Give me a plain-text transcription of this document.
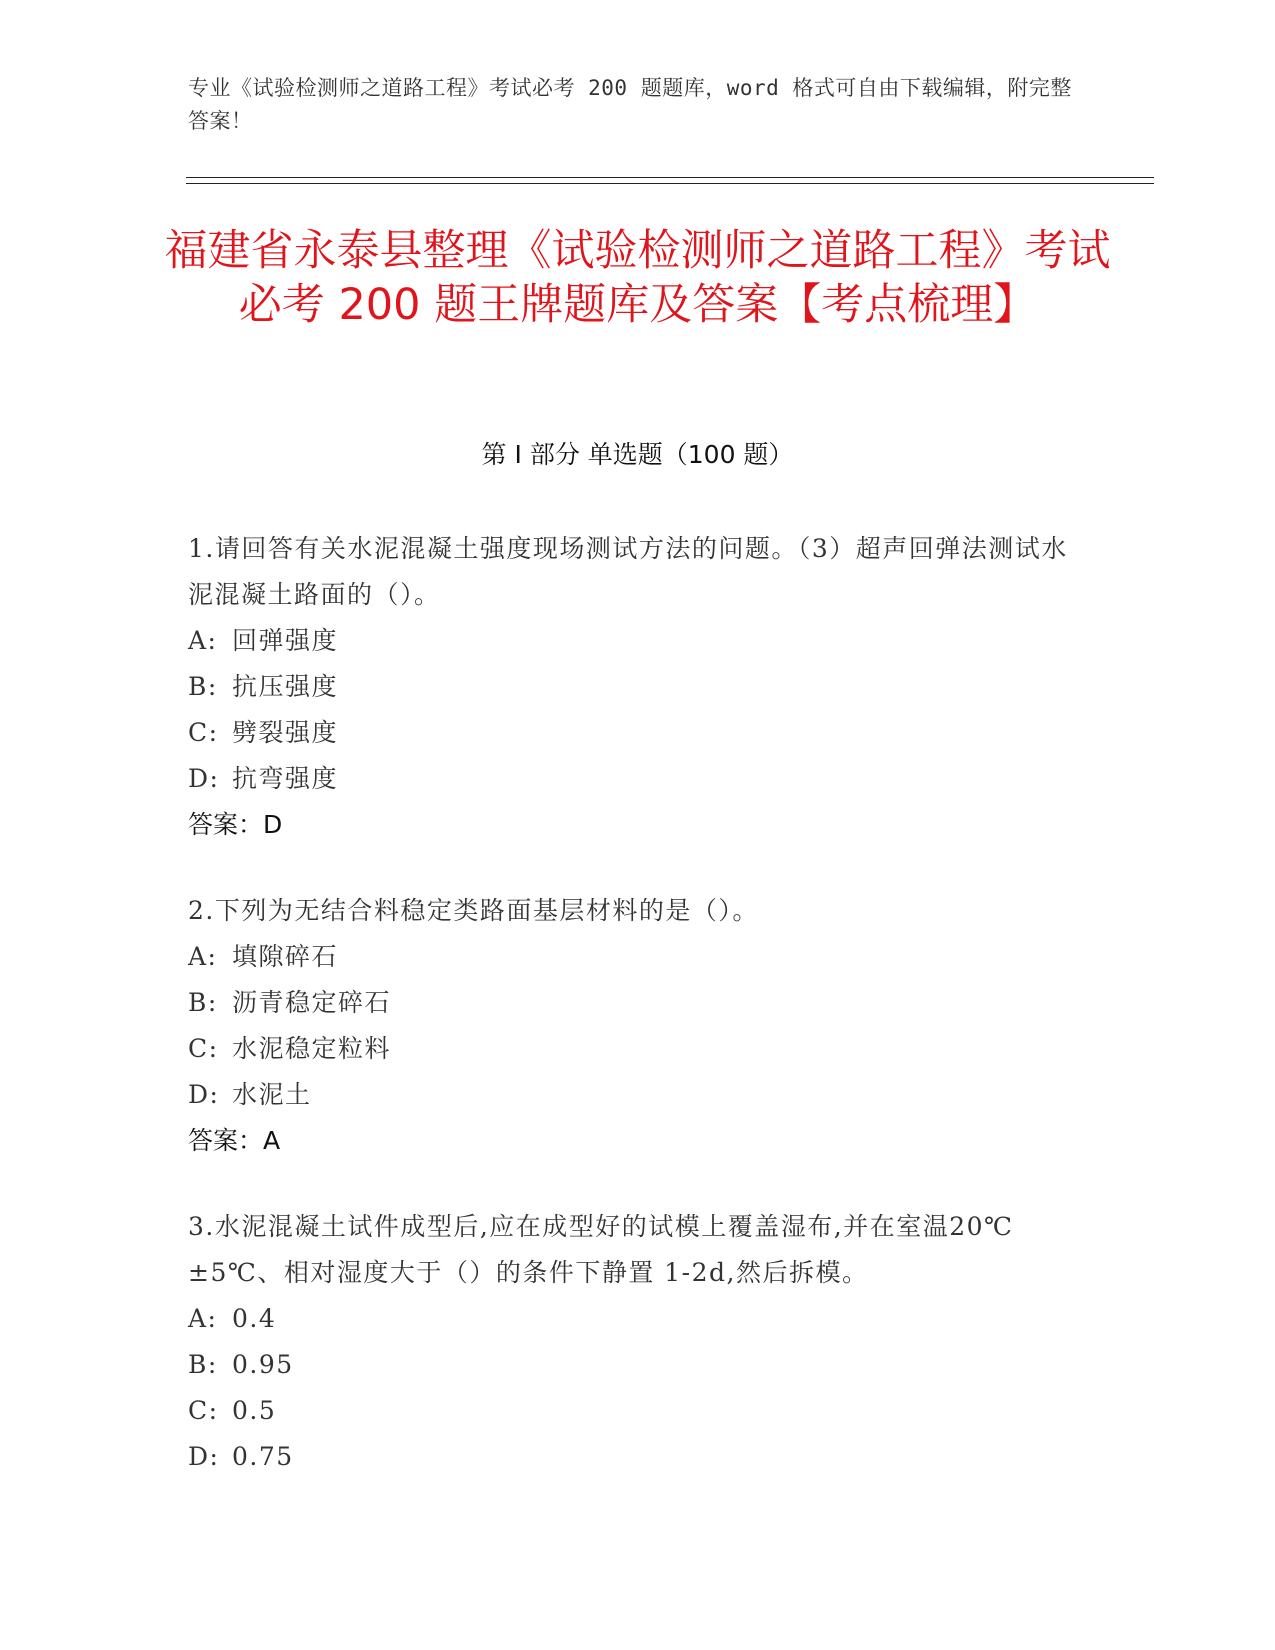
专业《试验检测师之道路工程》考试必考 200 题题库，word 格式可自由下载编辑，附完整答案！
福建省永泰县整理《试验检测师之道路工程》考试必考 200 题王牌题库及答案【考点梳理】
第 I 部分 单选题（100 题）
1.请回答有关水泥混凝土强度现场测试方法的问题。（3）超声回弹法测试水泥混凝土路面的（）。
A: 回弹强度
B: 抗压强度
C: 劈裂强度
D: 抗弯强度
答案：D
2.下列为无结合料稳定类路面基层材料的是（）。
A: 填隙碎石
B: 沥青稳定碎石
C: 水泥稳定粒料
D: 水泥土
答案：A
3.水泥混凝土试件成型后,应在成型好的试模上覆盖湿布,并在室温20℃±5℃、相对湿度大于（）的条件下静置 1-2d,然后拆模。
A: 0.4
B: 0.95
C: 0.5
D: 0.75
